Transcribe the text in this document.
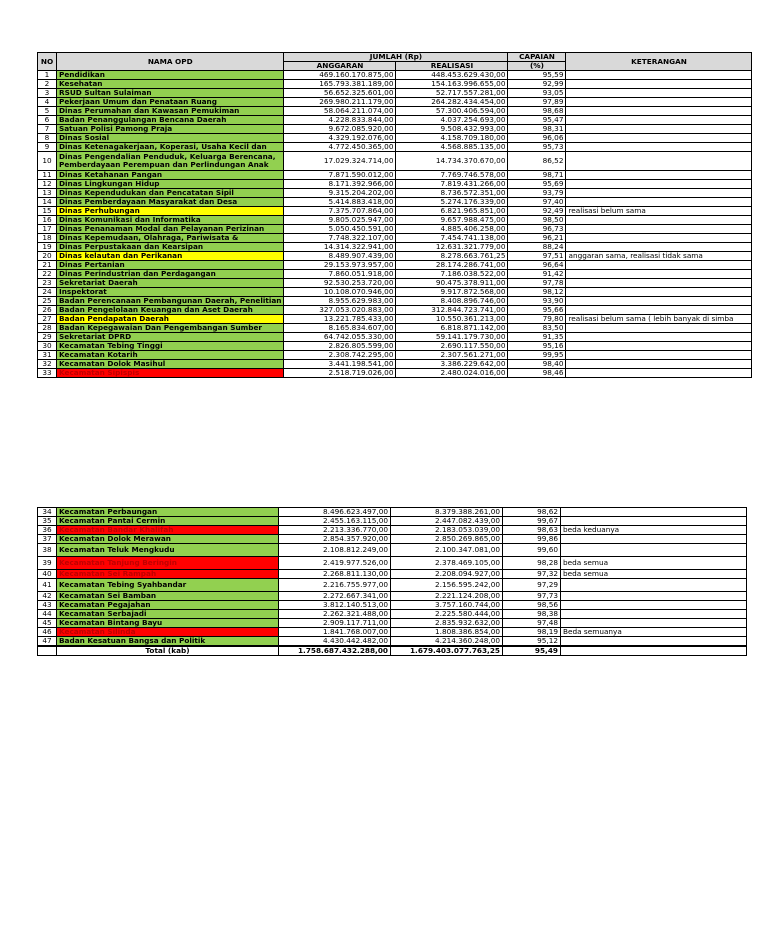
NO	NAMA OPD	JUMLAH (Rp)		CAPAIAN	KETERANGAN
		ANGGARAN	REALISASI	(%)	
1	Pendidikan	469.160.170.875,00	448.453.629.430,00	95,59	
2	Kesehatan	165.793.381.189,00	154.163.996.655,00	92,99	
3	RSUD Sultan Sulaiman	56.652.325.601,00	52.717.557.281,00	93,05	
4	Pekerjaan Umum dan Penataan Ruang	269.980.211.179,00	264.282.434.454,00	97,89	
5	Dinas Perumahan dan Kawasan Pemukiman	58.064.211.074,00	57.300.406.594,00	98,68	
6	Badan Penanggulangan Bencana Daerah	4.228.833.844,00	4.037.254.693,00	95,47	
7	Satuan Polisi Pamong Praja	9.672.085.920,00	9.508.432.993,00	98,31	
8	Dinas Sosial	4.329.192.076,00	4.158.709.180,00	96,06	
9	Dinas Ketenagakerjaan, Koperasi, Usaha Kecil dan	4.772.450.365,00	4.568.885.135,00	95,73	
10	Dinas Pengendalian Penduduk, Keluarga Berencana, Pemberdayaan Perempuan dan Perlindungan Anak	17.029.324.714,00	14.734.370.670,00	86,52	
11	Dinas Ketahanan Pangan	7.871.590.012,00	7.769.746.578,00	98,71	
12	Dinas Lingkungan Hidup	8.171.392.966,00	7.819.431.266,00	95,69	
13	Dinas Kependudukan dan Pencatatan Sipil	9.315.204.202,00	8.736.572.351,00	93,79	
14	Dinas Pemberdayaan Masyarakat dan Desa	5.414.883.418,00	5.274.176.339,00	97,40	
15	Dinas Perhubungan	7.375.707.864,00	6.821.965.851,00	92,49	realisasi belum sama
16	Dinas Komunikasi dan Informatika	9.805.025.947,00	9.657.988.475,00	98,50	
17	Dinas Penanaman Modal dan Pelayanan Perizinan	5.050.450.591,00	4.885.406.258,00	96,73	
18	Dinas Kepemudaan, Olahraga, Pariwisata &	7.748.322.107,00	7.454.741.138,00	96,21	
19	Dinas Perpustakaan dan Kearsipan	14.314.322.941,00	12.631.321.779,00	88,24	
20	Dinas kelautan dan Perikanan	8.489.907.439,00	8.278.663.761,25	97,51	anggaran sama, realisasi tidak sama
21	Dinas Pertanian	29.153.973.957,00	28.174.286.741,00	96,64	
22	Dinas Perindustrian dan Perdagangan	7.860.051.918,00	7.186.038.522,00	91,42	
23	Sekretariat Daerah	92.530.253.720,00	90.475.378.911,00	97,78	
24	Inspektorat	10.108.070.946,00	9.917.872.568,00	98,12	
25	Badan Perencanaan Pembangunan Daerah, Penelitian	8.955.629.983,00	8.408.896.746,00	93,90	
26	Badan Pengelolaan Keuangan dan Aset Daerah	327.053.020.883,00	312.844.723.741,00	95,66	
27	Badan Pendapatan Daerah	13.221.785.433,00	10.550.361.213,00	79,80	realisasi belum sama ( lebih banyak di simba
28	Badan Kepegawaian Dan Pengembangan Sumber	8.165.834.607,00	6.818.871.142,00	83,50	
29	Sekretariat DPRD	64.742.055.330,00	59.141.179.730,00	91,35	
30	Kecamatan Tebing Tinggi	2.826.805.599,00	2.690.117.550,00	95,16	
31	Kecamatan Kotarih	2.308.742.295,00	2.307.561.271,00	99,95	
32	Kecamatan Dolok Masihul	3.441.198.541,00	3.386.229.642,00	98,40	
33	Kecamatan Sipispis	2.518.719.026,00	2.480.024.016,00	98,46	
34	Kecamatan Perbaungan	8.496.623.497,00	8.379.388.261,00	98,62	
35	Kecamatan Pantai Cermin	2.455.163.115,00	2.447.082.439,00	99,67	
36	Kecamatan Bandar Khalifah	2.213.336.770,00	2.183.053.039,00	98,63	beda keduanya
37	Kecamatan Dolok Merawan	2.854.357.920,00	2.850.269.865,00	99,86	
38	Kecamatan Teluk Mengkudu	2.108.812.249,00	2.100.347.081,00	99,60	
39	Kecamatan Tanjung Beringin	2.419.977.526,00	2.378.469.105,00	98,28	beda semua
40	Kecamatan Sei Rampah	2.268.811.130,00	2.208.094.927,00	97,32	beda semua
41	Kecamatan Tebing Syahbandar	2.216.755.977,00	2.156.595.242,00	97,29	
42	Kecamatan Sei Bamban	2.272.667.341,00	2.221.124.208,00	97,73	
43	Kecamatan Pegajahan	3.812.140.513,00	3.757.160.744,00	98,56	
44	Kecamatan Serbajadi	2.262.321.488,00	2.225.580.444,00	98,38	
45	Kecamatan Bintang Bayu	2.909.117.711,00	2.835.932.632,00	97,48	
46	Kecamatan Silinda	1.841.768.007,00	1.808.386.854,00	98,19	Beda semuanya
47	Badan Kesatuan Bangsa dan Politik	4.430.442.482,00	4.214.360.248,00	95,12	
	Total (kab)	1.758.687.432.288,00	1.679.403.077.763,25	95,49	
